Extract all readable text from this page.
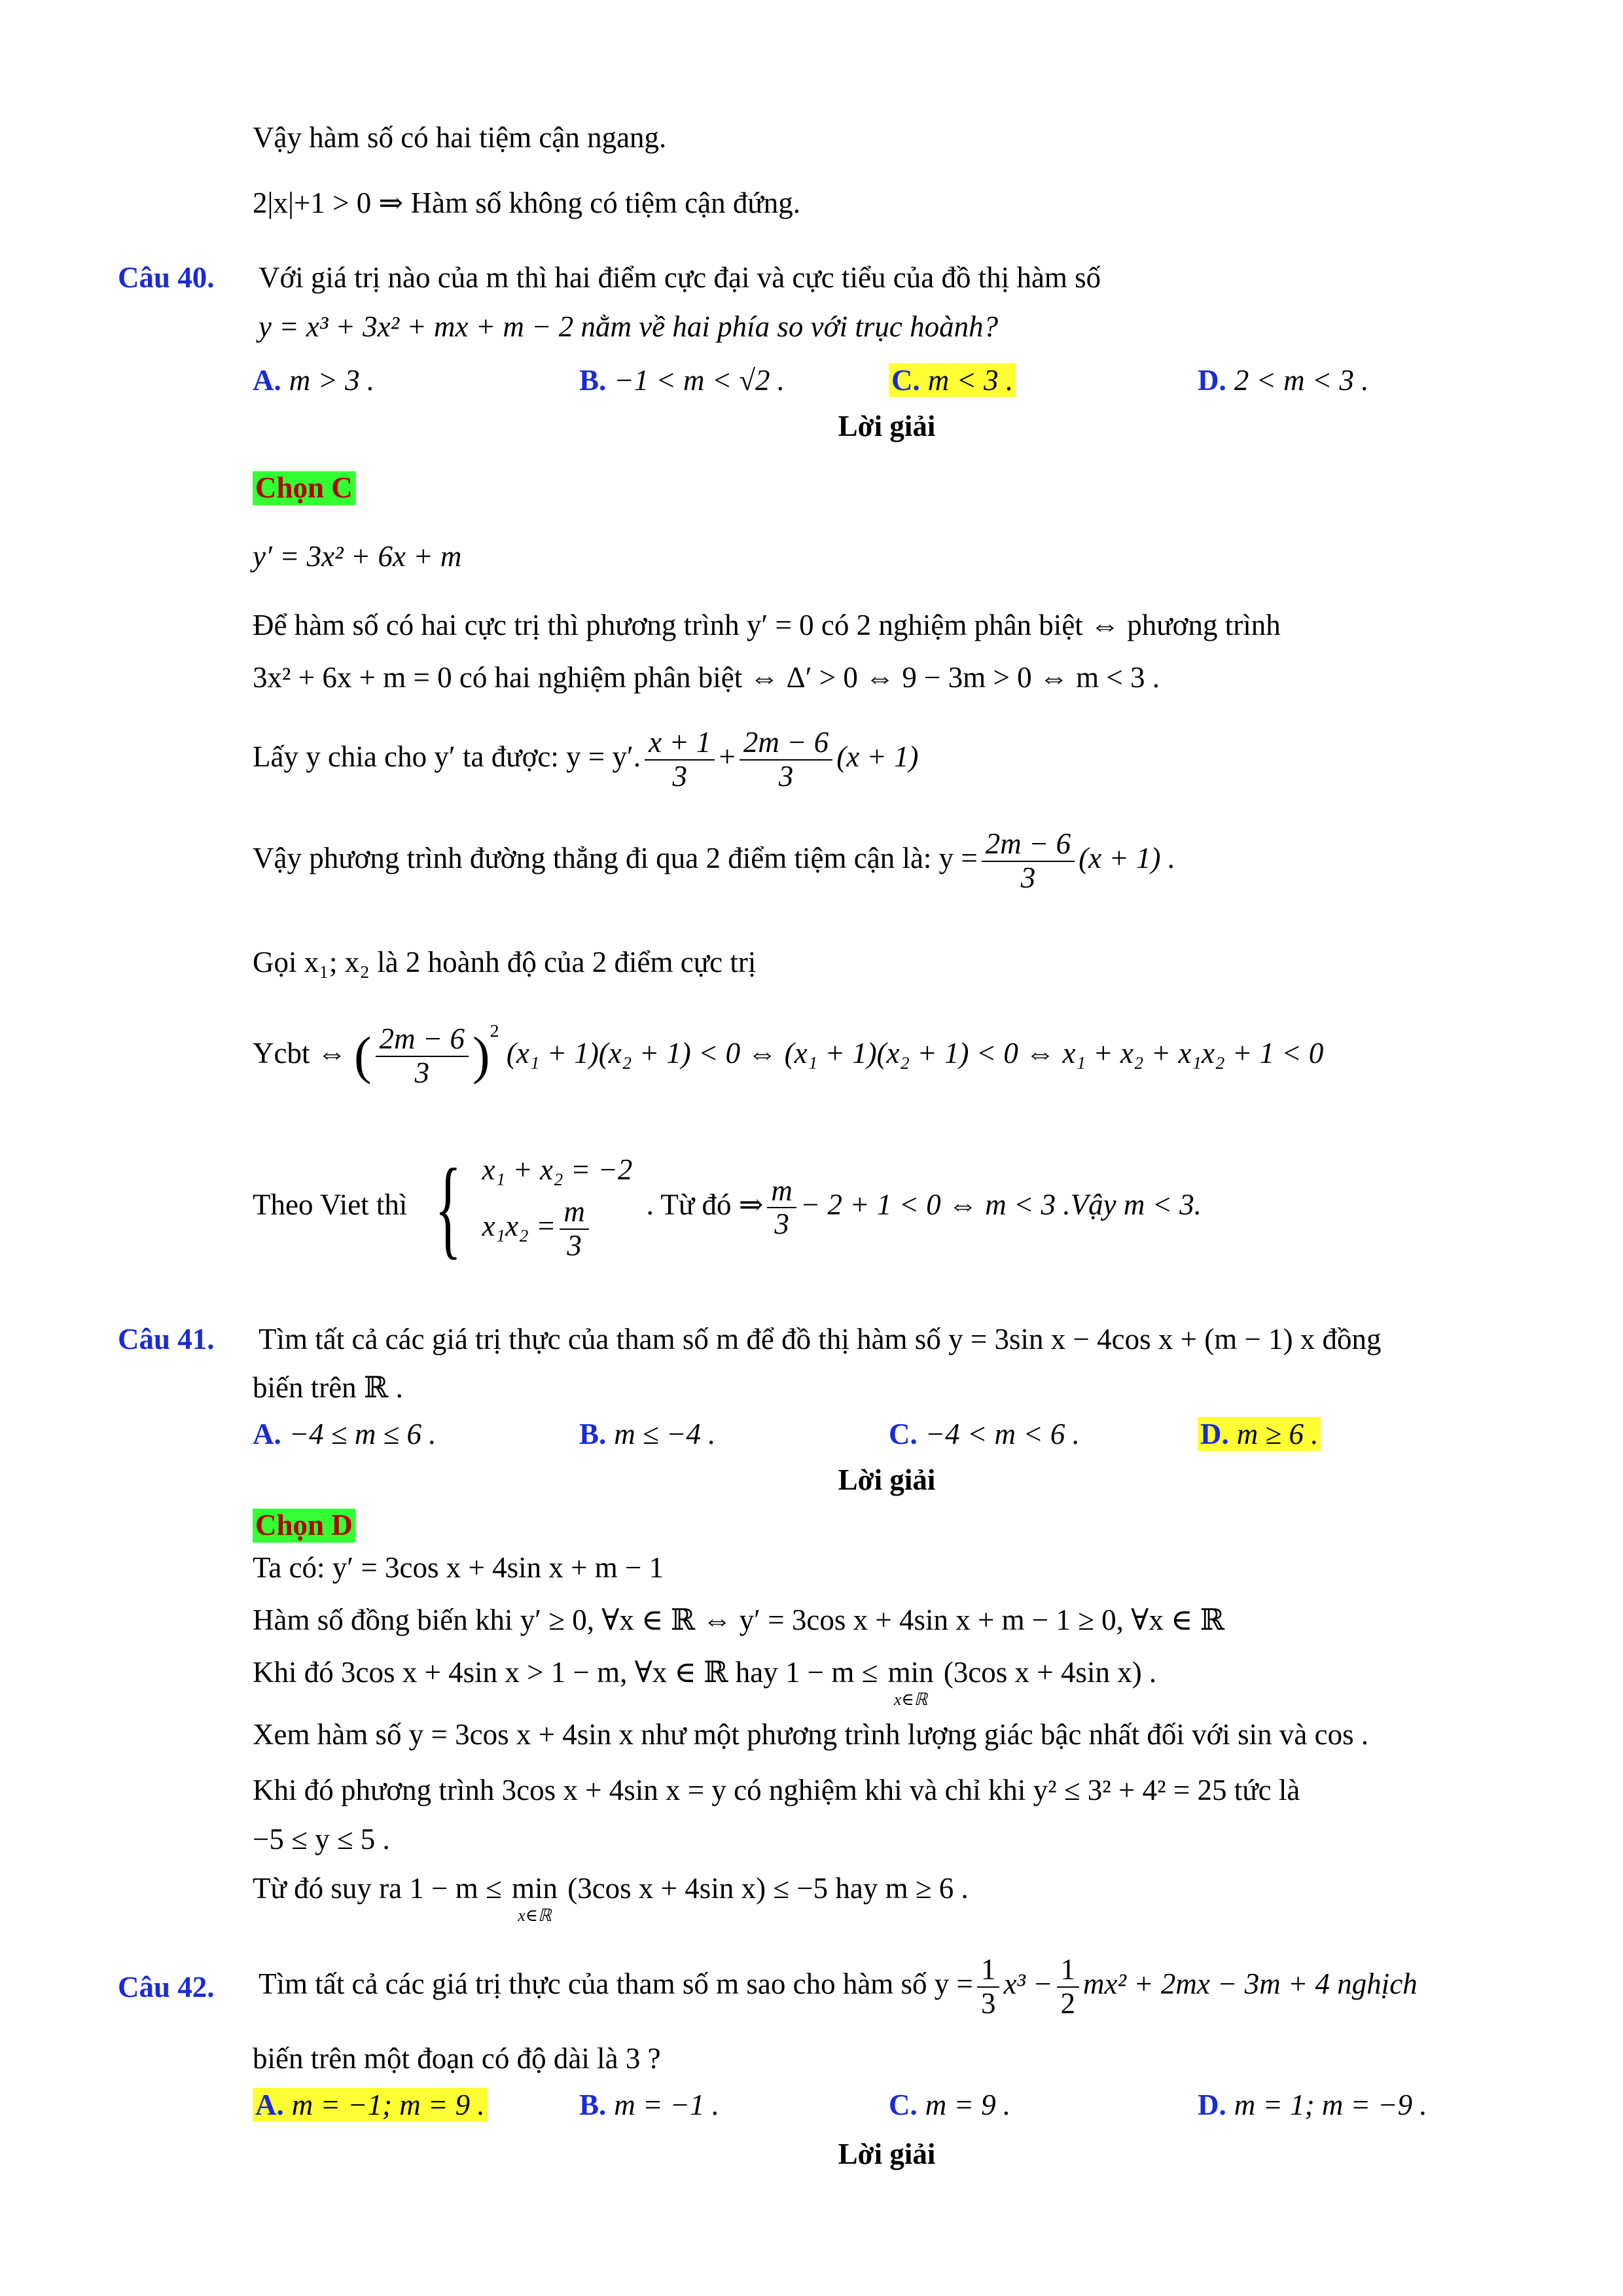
Vậy hàm số có hai tiệm cận ngang.
2|x|+1 > 0 ⇒ Hàm số không có tiệm cận đứng.
Câu 40. Với giá trị nào của m thì hai điểm cực đại và cực tiểu của đồ thị hàm số
y = x³ + 3x² + mx + m − 2 nằm về hai phía so với trục hoành?
A. m > 3 .	B. −1 < m < √2 .	C. m < 3 .	D. 2 < m < 3 .
Lời giải
Chọn C
y′ = 3x² + 6x + m
Để hàm số có hai cực trị thì phương trình y′ = 0 có 2 nghiệm phân biệt ⇔ phương trình
3x² + 6x + m = 0 có hai nghiệm phân biệt ⇔ Δ′ > 0 ⇔ 9 − 3m > 0 ⇔ m < 3 .
Lấy y chia cho y′ ta được: y = y′. $\frac{x + 1}{3} + \frac{2m - 6}{3} (x + 1)$
Vậy phương trình đường thẳng đi qua 2 điểm tiệm cận là: $y = \frac{2m - 6}{3} (x + 1)$ .
Gọi x₁; x₂ là 2 hoành độ của 2 điểm cực trị
Ycbt ⇔ ( $\frac{2m - 6}{3} )^2$ (x₁ + 1)(x₂ + 1) < 0 ⇔ (x₁ + 1)(x₂ + 1) < 0 ⇔ x₁ + x₂ + x₁x₂ + 1 < 0
Theo Viet thì { x₁ + x₂ = −2
$x_1x_2 = \frac{m}{3}$ . Từ đó ⇒ $\frac{m}{3} - 2 + 1 < 0$ ⇔ m < 3 .Vậy m < 3.
Câu 41. Tìm tất cả các giá trị thực của tham số m để đồ thị hàm số y = 3sin x − 4cos x + (m − 1) x đồng
biến trên ℝ .
A. −4 ≤ m ≤ 6 .	B. m ≤ −4 .	C. −4 < m < 6 .	D. m ≥ 6 .
Lời giải
Chọn D
Ta có: y′ = 3cos x + 4sin x + m − 1
Hàm số đồng biến khi y′ ≥ 0, ∀x ∈ ℝ ⇔ y′ = 3cos x + 4sin x + m − 1 ≥ 0, ∀x ∈ ℝ
Khi đó 3cos x + 4sin x > 1 − m, ∀x ∈ ℝ hay 1 − m ≤ min
x∈ℝ
(3cos x + 4sin x) .
Xem hàm số y = 3cos x + 4sin x như một phương trình lượng giác bậc nhất đối với sin và cos .
Khi đó phương trình 3cos x + 4sin x = y có nghiệm khi và chỉ khi y² ≤ 3² + 4² = 25 tức là
−5 ≤ y ≤ 5 .
Từ đó suy ra 1 − m ≤ min
x∈ℝ
(3cos x + 4sin x) ≤ −5 hay m ≥ 6 .
Câu 42. Tìm tất cả các giá trị thực của tham số m sao cho hàm số $y = \frac{1}{3} x^3 - \frac{1}{2} mx^2 + 2mx - 3m + 4$ nghịch
biến trên một đoạn có độ dài là 3 ?
A. m = −1; m = 9 .	B. m = −1 .	C. m = 9 .	D. m = 1; m = −9 .
Lời giải
